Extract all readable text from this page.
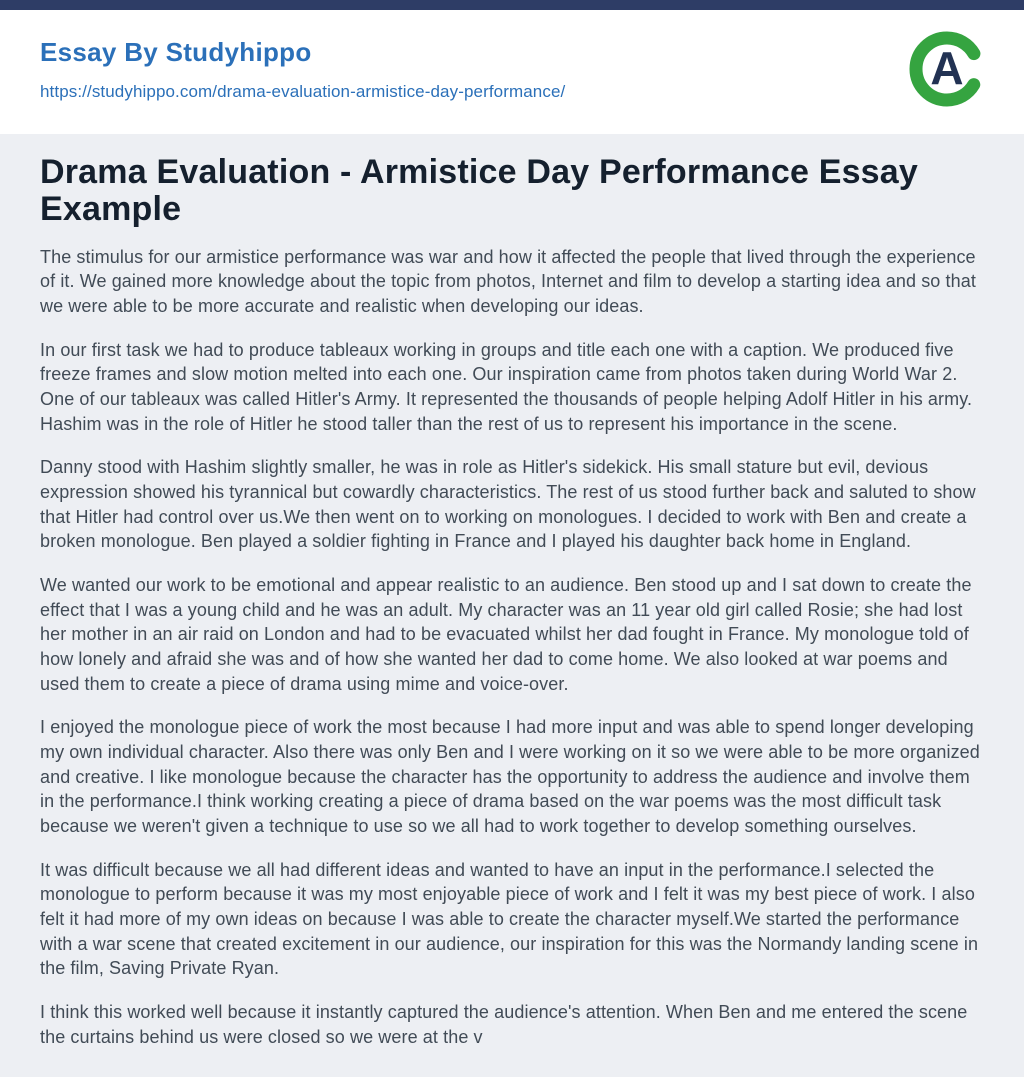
Essay By Studyhippo
https://studyhippo.com/drama-evaluation-armistice-day-performance/	A
Drama Evaluation - Armistice Day Performance Essay Example

The stimulus for our armistice performance was war and how it affected the people that lived through the experience of it. We gained more knowledge about the topic from photos, Internet and film to develop a starting idea and so that we were able to be more accurate and realistic when developing our ideas.

In our first task we had to produce tableaux working in groups and title each one with a caption. We produced five freeze frames and slow motion melted into each one. Our inspiration came from photos taken during World War 2. One of our tableaux was called Hitler's Army. It represented the thousands of people helping Adolf Hitler in his army. Hashim was in the role of Hitler he stood taller than the rest of us to represent his importance in the scene.

Danny stood with Hashim slightly smaller, he was in role as Hitler's sidekick. His small stature but evil, devious expression showed his tyrannical but cowardly characteristics. The rest of us stood further back and saluted to show that Hitler had control over us.We then went on to working on monologues. I decided to work with Ben and create a broken monologue. Ben played a soldier fighting in France and I played his daughter back home in England.

We wanted our work to be emotional and appear realistic to an audience. Ben stood up and I sat down to create the effect that I was a young child and he was an adult. My character was an 11 year old girl called Rosie; she had lost her mother in an air raid on London and had to be evacuated whilst her dad fought in France. My monologue told of how lonely and afraid she was and of how she wanted her dad to come home. We also looked at war poems and used them to create a piece of drama using mime and voice-over.

I enjoyed the monologue piece of work the most because I had more input and was able to spend longer developing my own individual character. Also there was only Ben and I were working on it so we were able to be more organized and creative. I like monologue because the character has the opportunity to address the audience and involve them in the performance.I think working creating a piece of drama based on the war poems was the most difficult task because we weren't given a technique to use so we all had to work together to develop something ourselves.

It was difficult because we all had different ideas and wanted to have an input in the performance.I selected the monologue to perform because it was my most enjoyable piece of work and I felt it was my best piece of work. I also felt it had more of my own ideas on because I was able to create the character myself.We started the performance with a war scene that created excitement in our audience, our inspiration for this was the Normandy landing scene in the film, Saving Private Ryan.

I think this worked well because it instantly captured the audience's attention. When Ben and me entered the scene the curtains behind us were closed so we were at the v
